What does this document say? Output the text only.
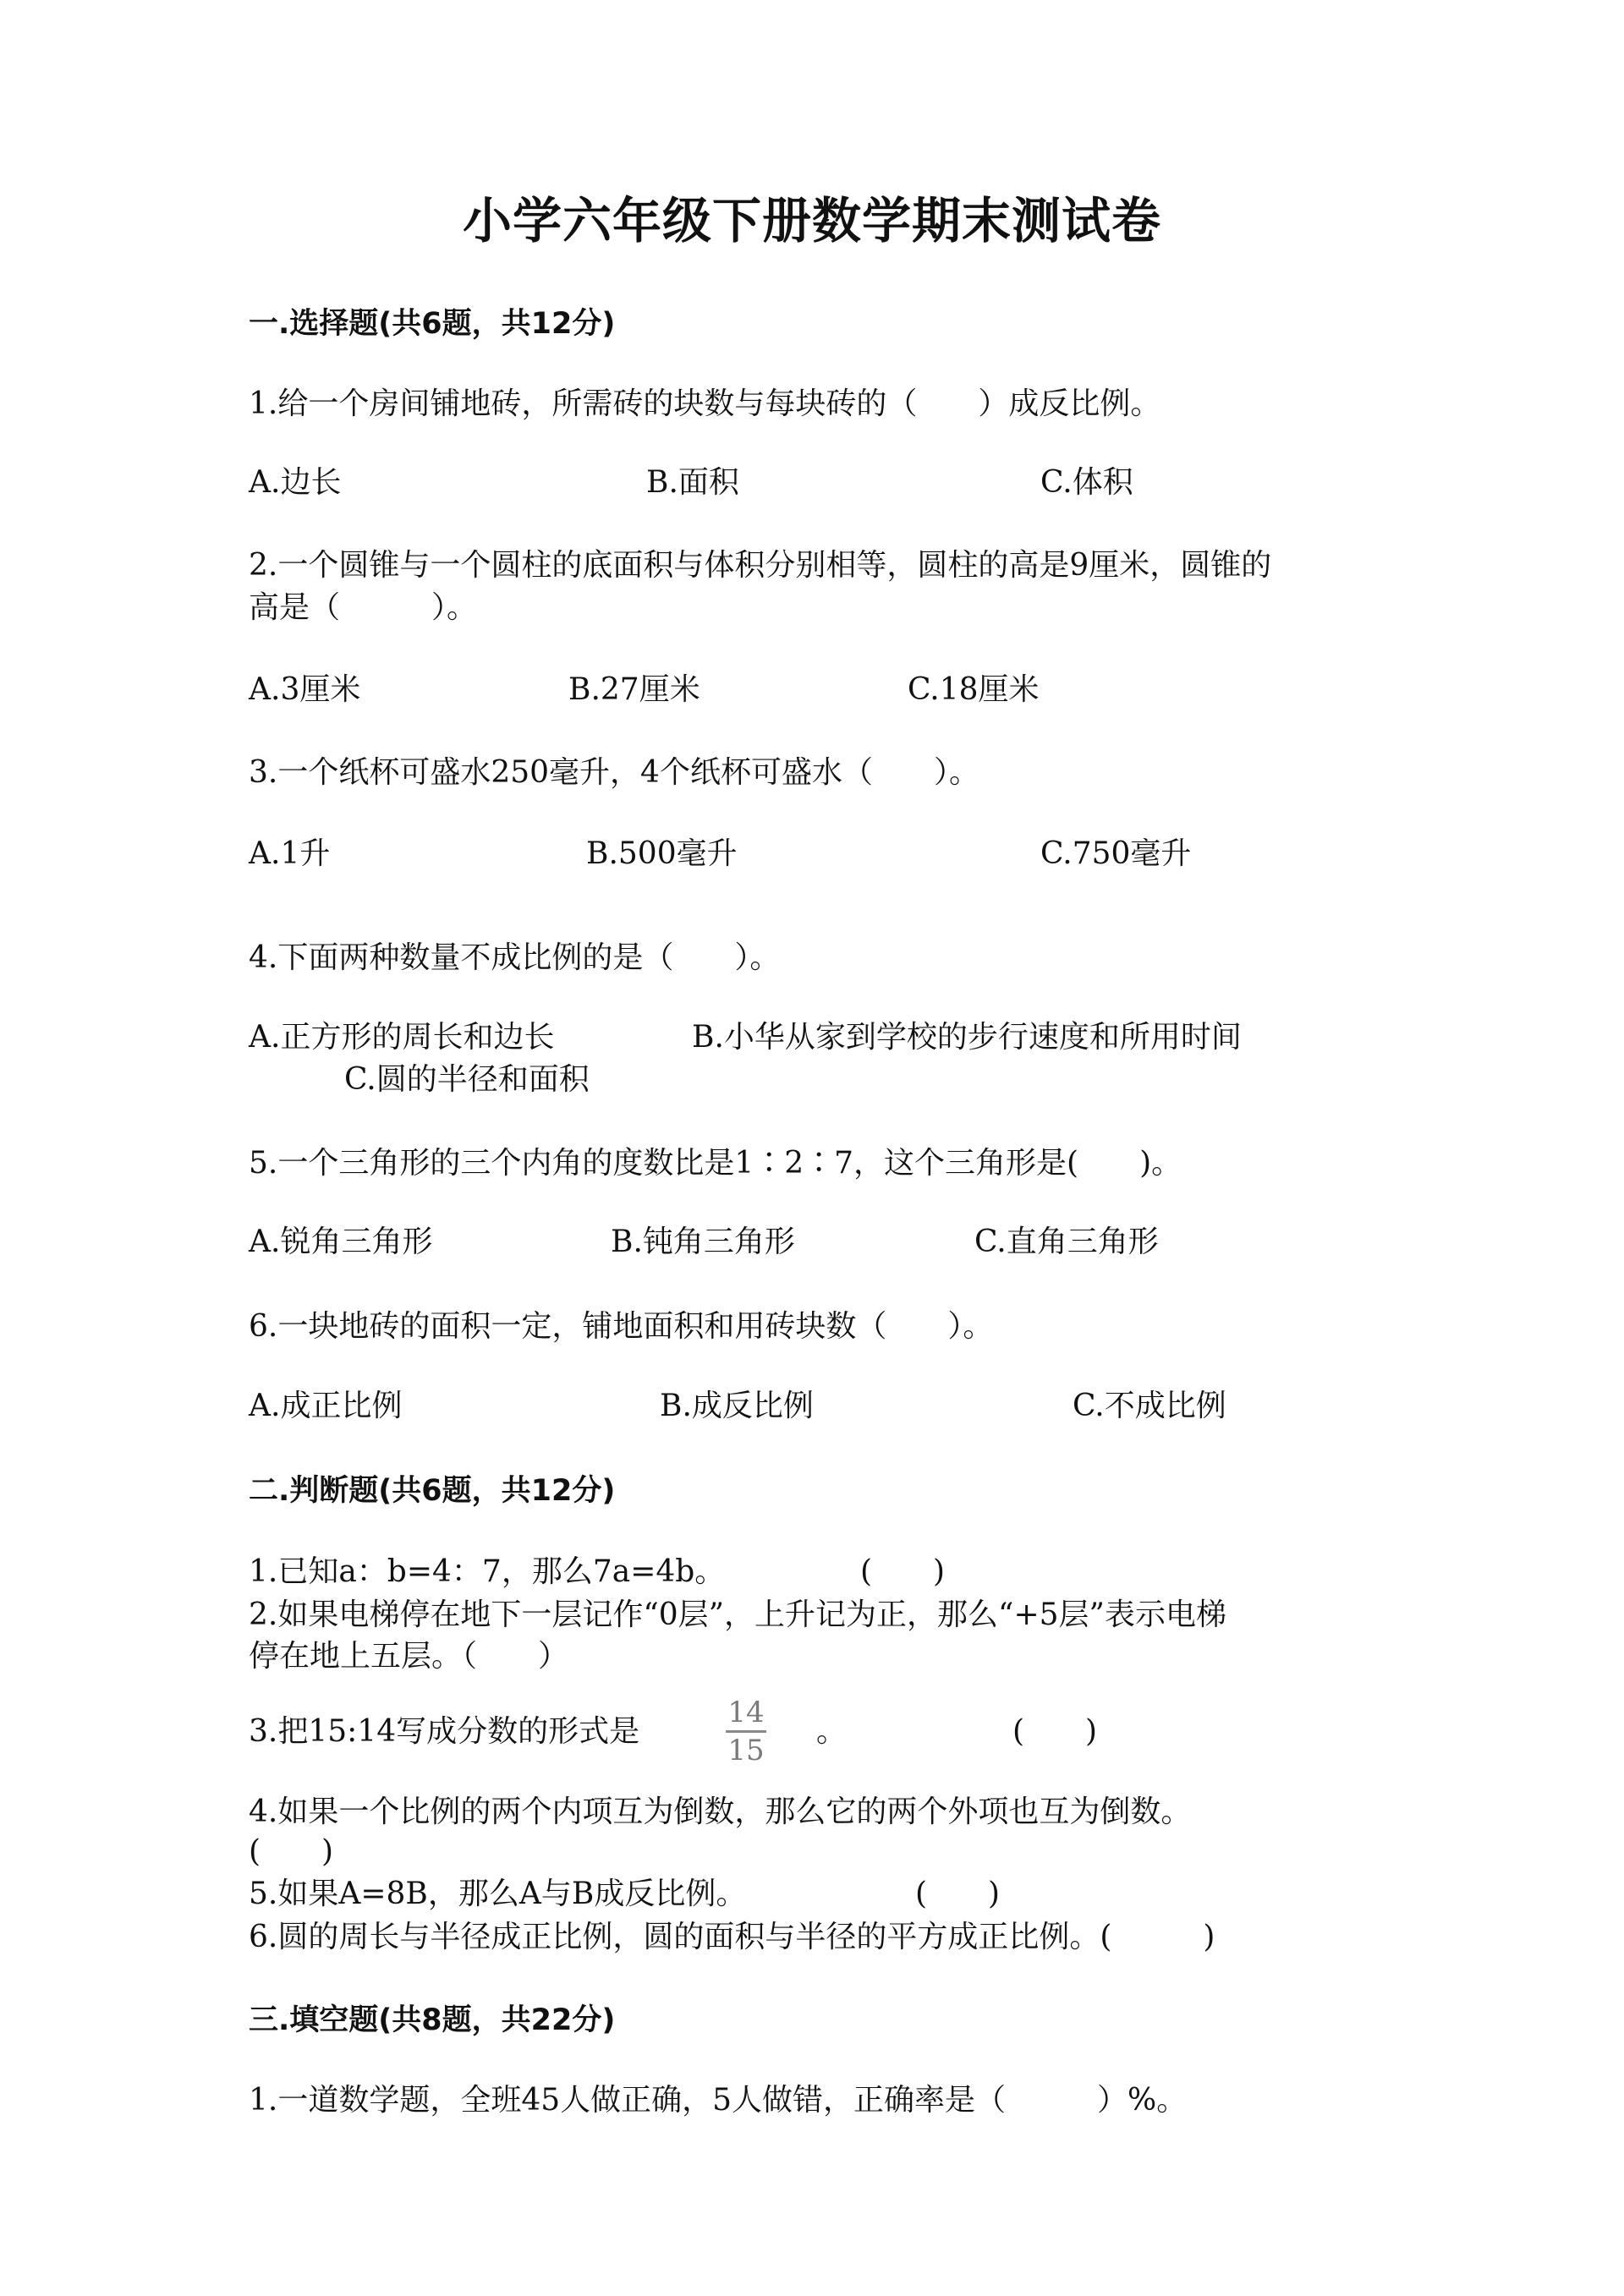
小学六年级下册数学期末测试卷
一.选择题(共6题，共12分)
1.给一个房间铺地砖，所需砖的块数与每块砖的（　　）成反比例。
A.边长	B.面积	C.体积
2.一个圆锥与一个圆柱的底面积与体积分别相等，圆柱的高是9厘米，圆锥的
高是（　　　）。
A.3厘米	B.27厘米	C.18厘米
3.一个纸杯可盛水250毫升，4个纸杯可盛水（　　）。
A.1升	B.500毫升	C.750毫升
4.下面两种数量不成比例的是（　　）。
A.正方形的周长和边长	B.小华从家到学校的步行速度和所用时间
C.圆的半径和面积
5.一个三角形的三个内角的度数比是1∶2∶7，这个三角形是(　　)。
A.锐角三角形	B.钝角三角形	C.直角三角形
6.一块地砖的面积一定，铺地面积和用砖块数（　　）。
A.成正比例	B.成反比例	C.不成比例
二.判断题(共6题，共12分)
1.已知a：b=4：7，那么7a=4b。	(　　)
2.如果电梯停在地下一层记作“0层”，上升记为正，那么“+5层”表示电梯
停在地上五层。（　　）
3.把15:14写成分数的形式是
14
15
。	(　　)
4.如果一个比例的两个内项互为倒数，那么它的两个外项也互为倒数。
(　　)
5.如果A=8B，那么A与B成反比例。	(　　)
6.圆的周长与半径成正比例，圆的面积与半径的平方成正比例。(　　　)
三.填空题(共8题，共22分)
1.一道数学题，全班45人做正确，5人做错，正确率是（　　　）%。
